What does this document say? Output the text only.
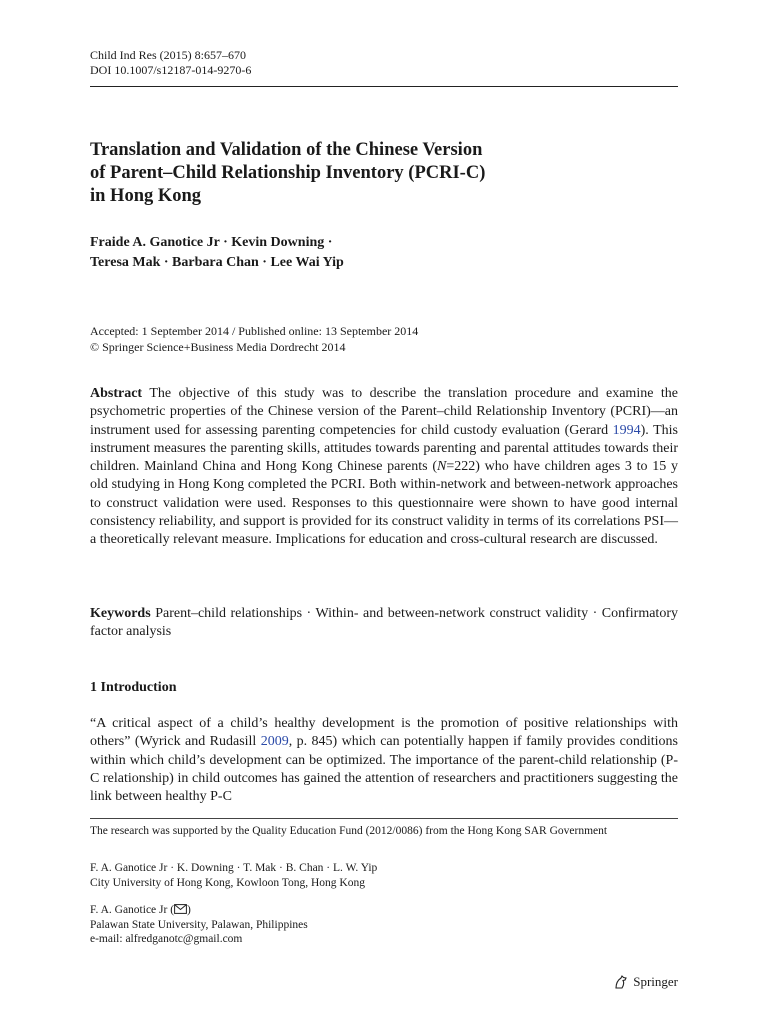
Child Ind Res (2015) 8:657–670
DOI 10.1007/s12187-014-9270-6
Translation and Validation of the Chinese Version
of Parent–Child Relationship Inventory (PCRI-C)
in Hong Kong
Fraide A. Ganotice Jr · Kevin Downing ·
Teresa Mak · Barbara Chan · Lee Wai Yip
Accepted: 1 September 2014 / Published online: 13 September 2014
© Springer Science+Business Media Dordrecht 2014
Abstract The objective of this study was to describe the translation procedure and examine the psychometric properties of the Chinese version of the Parent–child Relationship Inventory (PCRI)—an instrument used for assessing parenting competencies for child custody evaluation (Gerard 1994). This instrument measures the parenting skills, attitudes towards parenting and parental attitudes towards their children. Mainland China and Hong Kong Chinese parents (N=222) who have children ages 3 to 15 y old studying in Hong Kong completed the PCRI. Both within-network and between-network approaches to construct validation were used. Responses to this questionnaire were shown to have good internal consistency reliability, and support is provided for its construct validity in terms of its correlations PSI—a theoretically relevant measure. Implications for education and cross-cultural research are discussed.
Keywords Parent–child relationships · Within- and between-network construct validity · Confirmatory factor analysis
1 Introduction
“A critical aspect of a child’s healthy development is the promotion of positive relationships with others” (Wyrick and Rudasill 2009, p. 845) which can potentially happen if family provides conditions within which child’s development can be optimized. The importance of the parent-child relationship (P-C relationship) in child outcomes has gained the attention of researchers and practitioners suggesting the link between healthy P-C
The research was supported by the Quality Education Fund (2012/0086) from the Hong Kong SAR Government
F. A. Ganotice Jr · K. Downing · T. Mak · B. Chan · L. W. Yip
City University of Hong Kong, Kowloon Tong, Hong Kong
F. A. Ganotice Jr ( )
Palawan State University, Palawan, Philippines
e-mail: alfredganotc@gmail.com
Springer
